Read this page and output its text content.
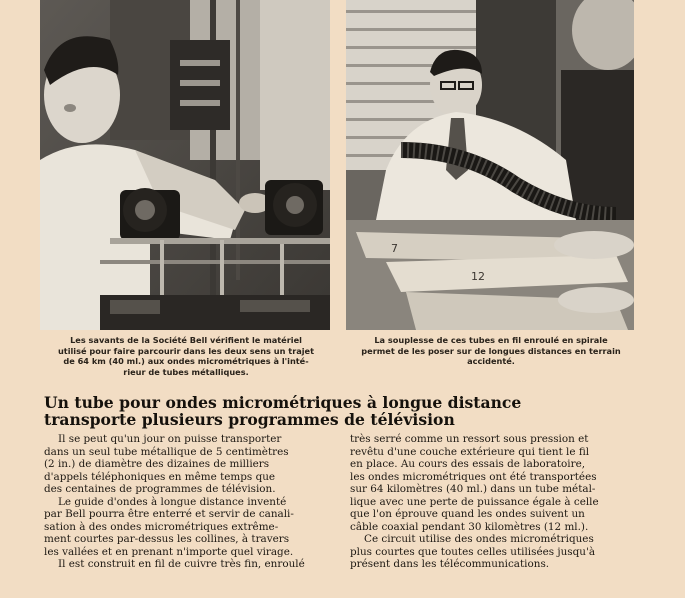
7
12
Les savants de la Société Bell vérifient le matériel
utilisé pour faire parcourir dans les deux sens un trajet
de 64 km (40 ml.) aux ondes micrométriques à l'inté-
rieur de tubes métalliques.
La souplesse de ces tubes en fil enroulé en spirale
permet de les poser sur de longues distances en terrain
accidenté.
Un tube pour ondes micrométriques à longue distance
transporte plusieurs programmes de télévision
Il se peut qu'un jour on puisse transporter
dans un seul tube métallique de 5 centimètres
(2 in.) de diamètre des dizaines de milliers
d'appels téléphoniques en même temps que
des centaines de programmes de télévision.
Le guide d'ondes à longue distance inventé
par Bell pourra être enterré et servir de canali-
sation à des ondes micrométriques extrême-
ment courtes par-dessus les collines, à travers
les vallées et en prenant n'importe quel virage.
Il est construit en fil de cuivre très fin, enroulé
très serré comme un ressort sous pression et
revêtu d'une couche extérieure qui tient le fil
en place. Au cours des essais de laboratoire,
les ondes micrométriques ont été transportées
sur 64 kilomètres (40 ml.) dans un tube métal-
lique avec une perte de puissance égale à celle
que l'on éprouve quand les ondes suivent un
câble coaxial pendant 30 kilomètres (12 ml.).
Ce circuit utilise des ondes micrométriques
plus courtes que toutes celles utilisées jusqu'à
présent dans les télécommunications.
